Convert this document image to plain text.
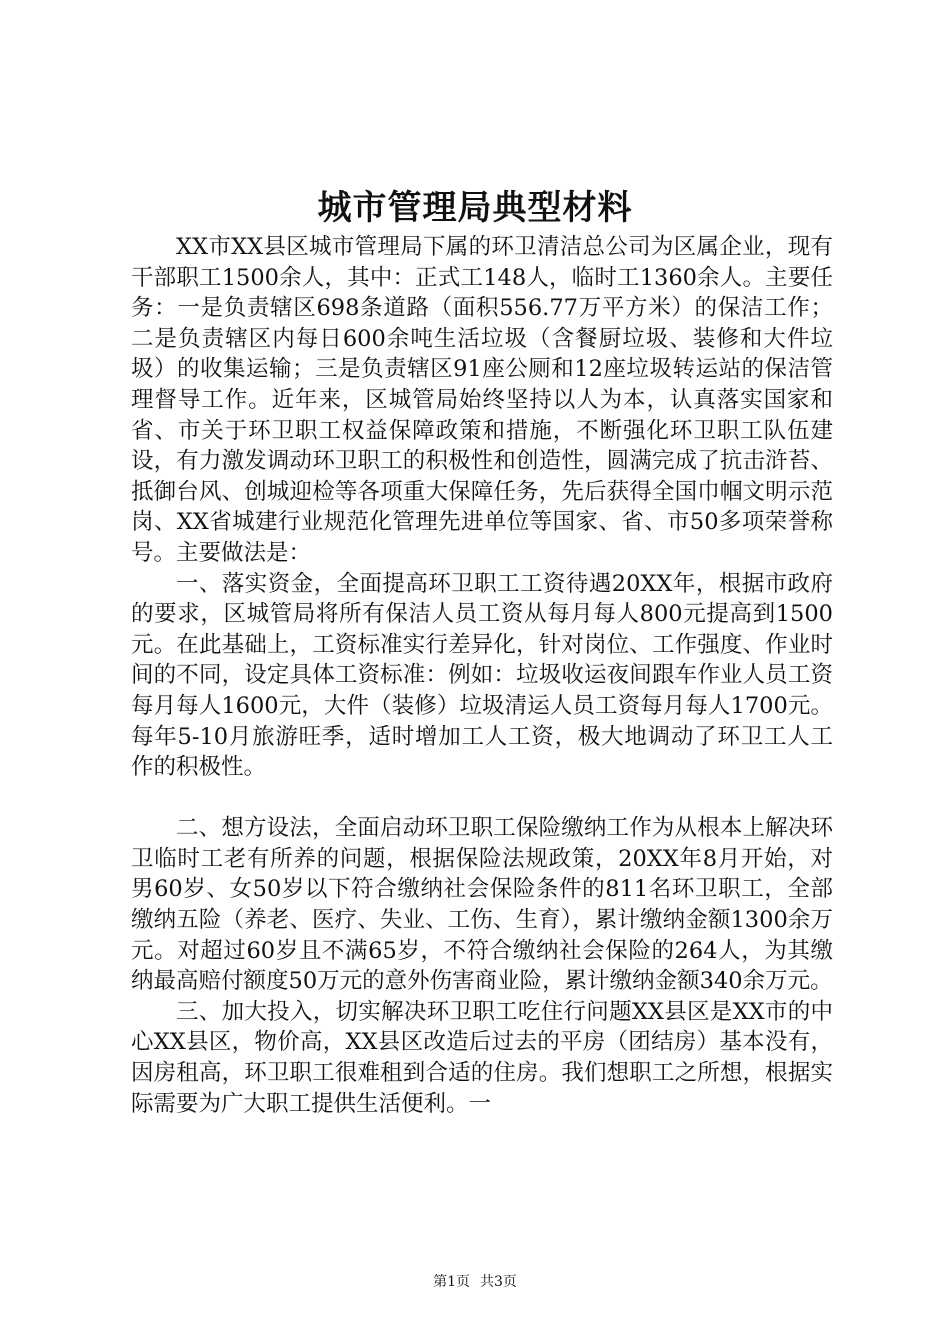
城市管理局典型材料

XX市XX县区城市管理局下属的环卫清洁总公司为区属企业，现有干部职工1500余人，其中：正式工148人，临时工1360余人。主要任务：一是负责辖区698条道路（面积556.77万平方米）的保洁工作；二是负责辖区内每日600余吨生活垃圾（含餐厨垃圾、装修和大件垃圾）的收集运输；三是负责辖区91座公厕和12座垃圾转运站的保洁管理督导工作。近年来，区城管局始终坚持以人为本，认真落实国家和省、市关于环卫职工权益保障政策和措施，不断强化环卫职工队伍建设，有力激发调动环卫职工的积极性和创造性，圆满完成了抗击浒苔、抵御台风、创城迎检等各项重大保障任务，先后获得全国巾帼文明示范岗、XX省城建行业规范化管理先进单位等国家、省、市50多项荣誉称号。主要做法是：

一、落实资金，全面提高环卫职工工资待遇20XX年，根据市政府的要求，区城管局将所有保洁人员工资从每月每人800元提高到1500元。在此基础上，工资标准实行差异化，针对岗位、工作强度、作业时间的不同，设定具体工资标准：例如：垃圾收运夜间跟车作业人员工资每月每人1600元，大件（装修）垃圾清运人员工资每月每人1700元。每年5-10月旅游旺季，适时增加工人工资，极大地调动了环卫工人工作的积极性。

二、想方设法，全面启动环卫职工保险缴纳工作为从根本上解决环卫临时工老有所养的问题，根据保险法规政策，20XX年8月开始，对男60岁、女50岁以下符合缴纳社会保险条件的811名环卫职工，全部缴纳五险（养老、医疗、失业、工伤、生育），累计缴纳金额1300余万元。对超过60岁且不满65岁，不符合缴纳社会保险的264人，为其缴纳最高赔付额度50万元的意外伤害商业险，累计缴纳金额340余万元。

三、加大投入，切实解决环卫职工吃住行问题XX县区是XX市的中心XX县区，物价高，XX县区改造后过去的平房（团结房）基本没有，因房租高，环卫职工很难租到合适的住房。我们想职工之所想，根据实际需要为广大职工提供生活便利。一

第1页 共3页
